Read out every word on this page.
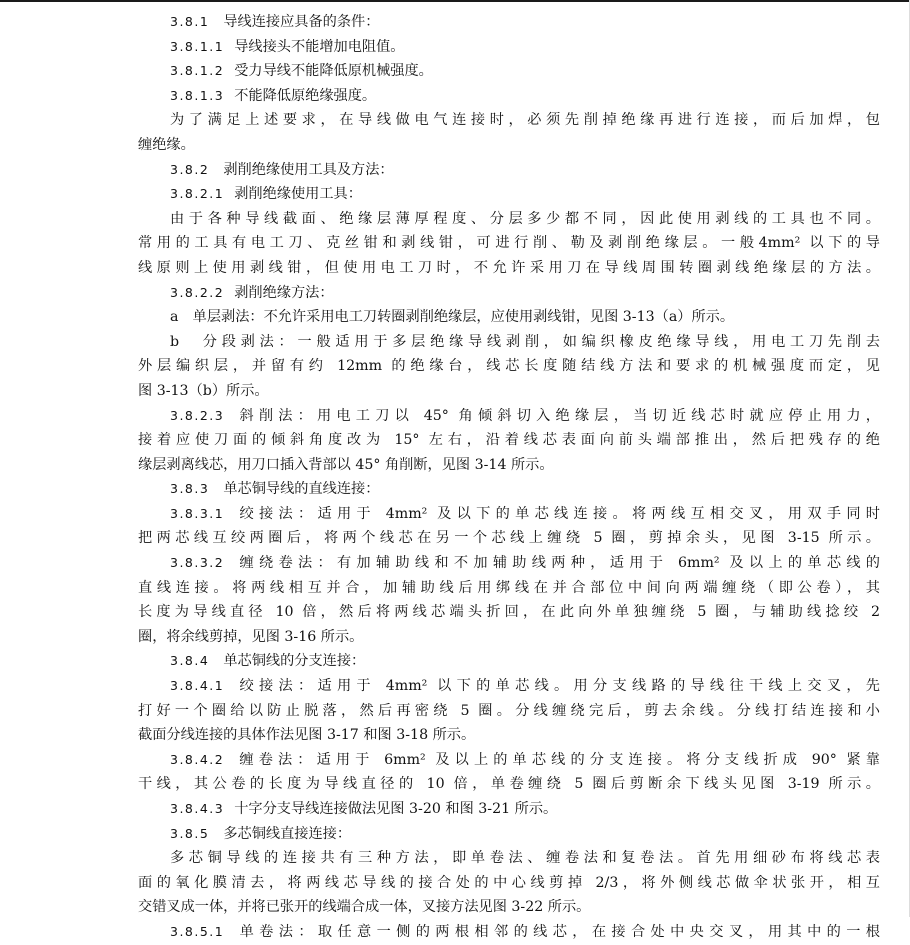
3.8.1 导线连接应具备的条件：
3.8.1.1 导线接头不能增加电阻值。
3.8.1.2 受力导线不能降低原机械强度。
3.8.1.3 不能降低原绝缘强度。
为了满足上述要求，在导线做电气连接时，必须先削掉绝缘再进行连接，而后加焊，包
缠绝缘。
3.8.2 剥削绝缘使用工具及方法：
3.8.2.1 剥削绝缘使用工具：
由于各种导线截面、绝缘层薄厚程度、分层多少都不同，因此使用剥线的工具也不同。
常用的工具有电工刀、克丝钳和剥线钳，可进行削、勒及剥削绝缘层。一般4mm² 以下的导
线原则上使用剥线钳，但使用电工刀时，不允许采用刀在导线周围转圈剥线绝缘层的方法。
3.8.2.2 剥削绝缘方法：
a　单层剥法：不允许采用电工刀转圈剥削绝缘层，应使用剥线钳，见图 3-13（a）所示。
b　分段剥法：一般适用于多层绝缘导线剥削，如编织橡皮绝缘导线，用电工刀先削去
外层编织层，并留有约 12mm 的绝缘台，线芯长度随结线方法和要求的机械强度而定，见
图 3-13（b）所示。
3.8.2.3 斜削法：用电工刀以 45° 角倾斜切入绝缘层，当切近线芯时就应停止用力，
接着应使刀面的倾斜角度改为 15° 左右，沿着线芯表面向前头端部推出，然后把残存的绝
缘层剥离线芯，用刀口插入背部以 45° 角削断，见图 3-14 所示。
3.8.3 单芯铜导线的直线连接：
3.8.3.1 绞接法：适用于 4mm² 及以下的单芯线连接。将两线互相交叉，用双手同时
把两芯线互绞两圈后，将两个线芯在另一个芯线上缠绕 5 圈，剪掉余头，见图 3-15 所示。
3.8.3.2 缠绕卷法：有加辅助线和不加辅助线两种，适用于 6mm² 及以上的单芯线的
直线连接。将两线相互并合，加辅助线后用绑线在并合部位中间向两端缠绕（即公卷），其
长度为导线直径 10 倍，然后将两线芯端头折回，在此向外单独缠绕 5 圈，与辅助线捻绞 2
圈，将余线剪掉，见图 3-16 所示。
3.8.4 单芯铜线的分支连接：
3.8.4.1 绞接法：适用于 4mm² 以下的单芯线。用分支线路的导线往干线上交叉，先
打好一个圈给以防止脱落，然后再密绕 5 圈。分线缠绕完后，剪去余线。分线打结连接和小
截面分线连接的具体作法见图 3-17 和图 3-18 所示。
3.8.4.2 缠卷法：适用于 6mm² 及以上的单芯线的分支连接。将分支线折成 90° 紧靠
干线，其公卷的长度为导线直径的 10 倍，单卷缠绕 5 圈后剪断余下线头见图 3-19 所示。
3.8.4.3 十字分支导线连接做法见图 3-20 和图 3-21 所示。
3.8.5 多芯铜线直接连接：
多芯铜导线的连接共有三种方法，即单卷法、缠卷法和复卷法。首先用细砂布将线芯表
面的氧化膜清去，将两线芯导线的接合处的中心线剪掉 2/3，将外侧线芯做伞状张开，相互
交错叉成一体，并将已张开的线端合成一体，叉接方法见图 3-22 所示。
3.8.5.1 单卷法：取任意一侧的两根相邻的线芯，在接合处中央交叉，用其中的一根
